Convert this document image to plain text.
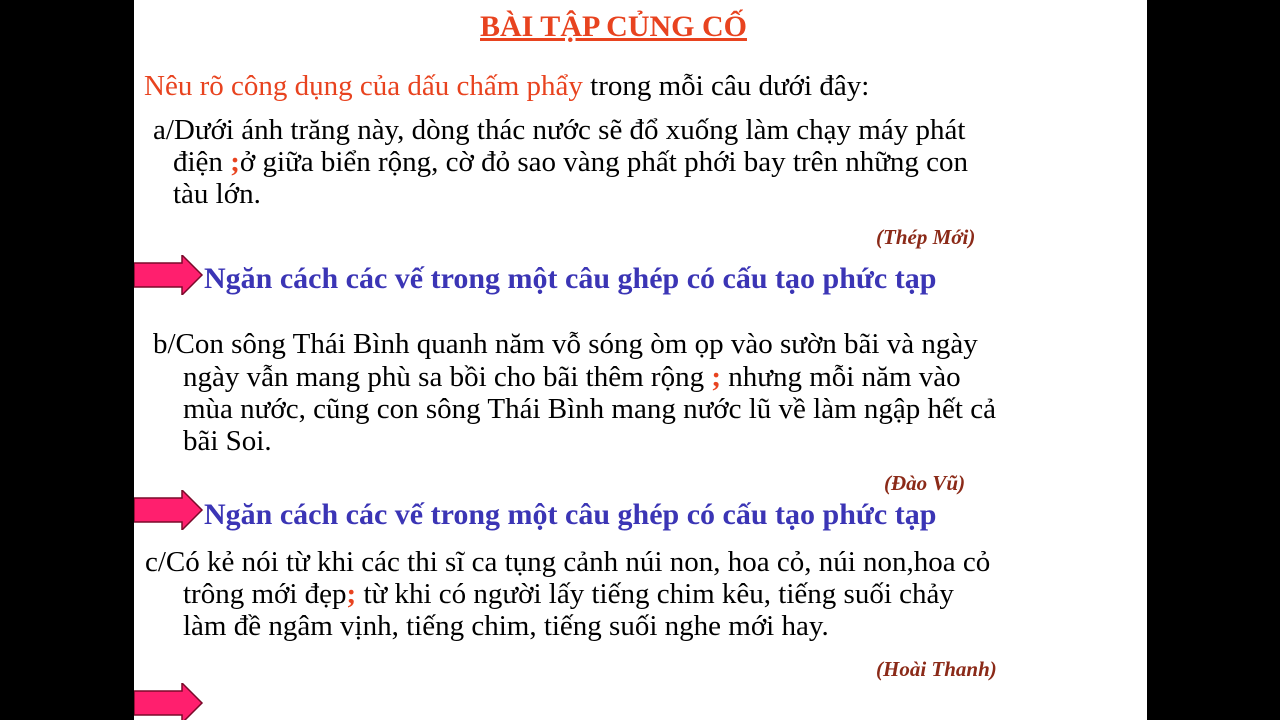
BÀI TẬP CỦNG CỐ
Nêu rõ công dụng của dấu chấm phẩy trong mỗi câu dưới đây:
a/Dưới ánh trăng này, dòng thác nước sẽ đổ xuống làm chạy máy phát
điện ;ở giữa biển rộng, cờ đỏ sao vàng phất phới bay trên những con
tàu lớn.
(Thép Mới)
Ngăn cách các vế trong một câu ghép có cấu tạo phức tạp
b/Con sông Thái Bình quanh năm vỗ sóng òm ọp vào sườn bãi và ngày
ngày vẫn mang phù sa bồi cho bãi thêm rộng ; nhưng mỗi năm vào
mùa nước, cũng con sông Thái Bình mang nước lũ về làm ngập hết cả
bãi Soi.
(Đào Vũ)
Ngăn cách các vế trong một câu ghép có cấu tạo phức tạp
c/Có kẻ nói từ khi các thi sĩ ca tụng cảnh núi non, hoa cỏ, núi non,hoa cỏ
trông mới đẹp; từ khi có người lấy tiếng chim kêu, tiếng suối chảy
làm đề ngâm vịnh, tiếng chim, tiếng suối nghe mới hay.
(Hoài Thanh)
